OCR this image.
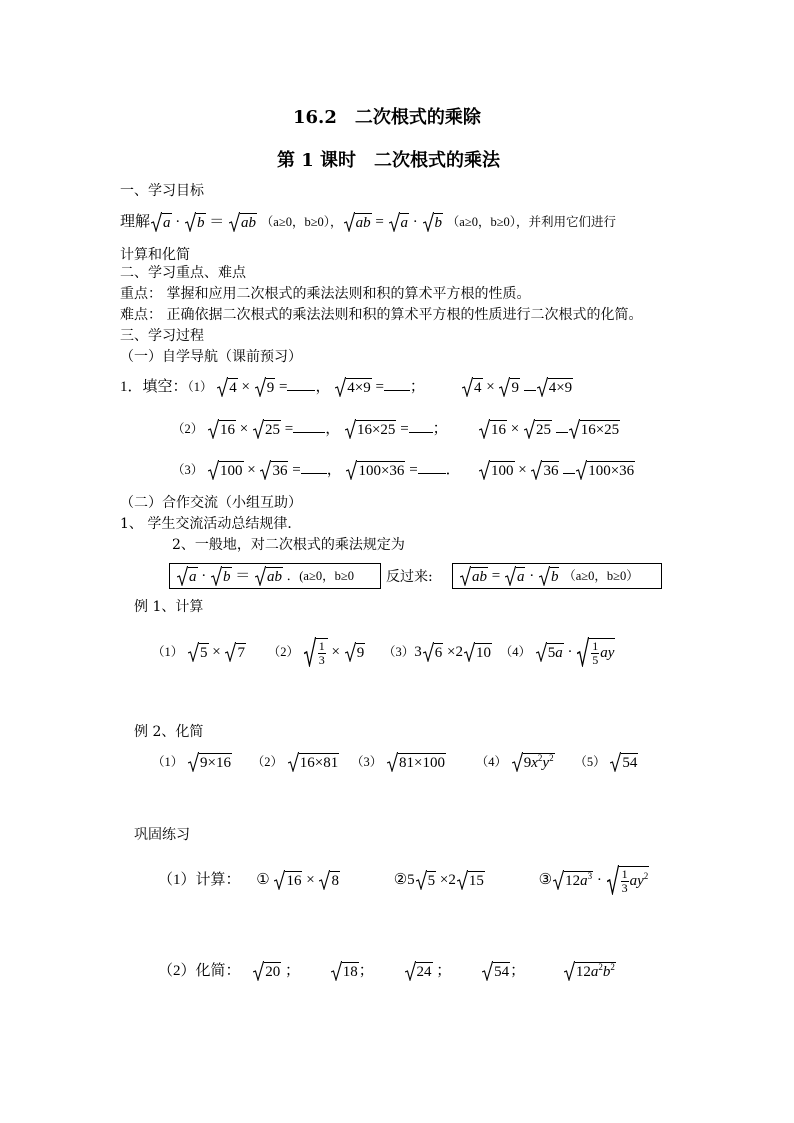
16.2　二次根式的乘除
第 1 课时　二次根式的乘法
一、学习目标
理解 a · b ＝ ab （a≥0，b≥0）， ab = a · b （a≥0，b≥0），并利用它们进行
计算和化简
二、学习重点、难点
重点： 掌握和应用二次根式的乘法法则和积的算术平方根的性质。
难点： 正确依据二次根式的乘法法则和积的算术平方根的性质进行二次根式的化简。
三、学习过程
（一）自学导航（课前预习）
1．填空：（1） 4 × 9 = ， 4×9 = ；	4 × 9 4×9
（2） 16 × 25 = ， 16×25 = ；	16 × 25 16×25
（3） 100 × 36 = ， 100×36 = ．	100 × 36 100×36
（二）合作交流（小组互助）
1、 学生交流活动总结规律．
2、一般地，对二次根式的乘法规定为
a · b ＝ ab ．(a≥0，b≥0 反过来:	ab = a · b （a≥0，b≥0）
例 1、计算
（1） 5 × 7 $(2) \frac{1}{3} \times 9$ （3）3 6 ×2 10 （4） $5a \cdot \frac{1}{5}$ ay
例 2、化简
（1） 9×16 （2） 16×81 （3） 81×100 （4） $9x^2y^2$ （5） 54
巩固练习
（1）计算： ① 16 × 8	②5 5 ×2 15	③ $12a^3 \cdot \frac{1}{3} ay^2$
（2）化简： 20 ；	18；	24 ；	54；	$12a^2b^2$
